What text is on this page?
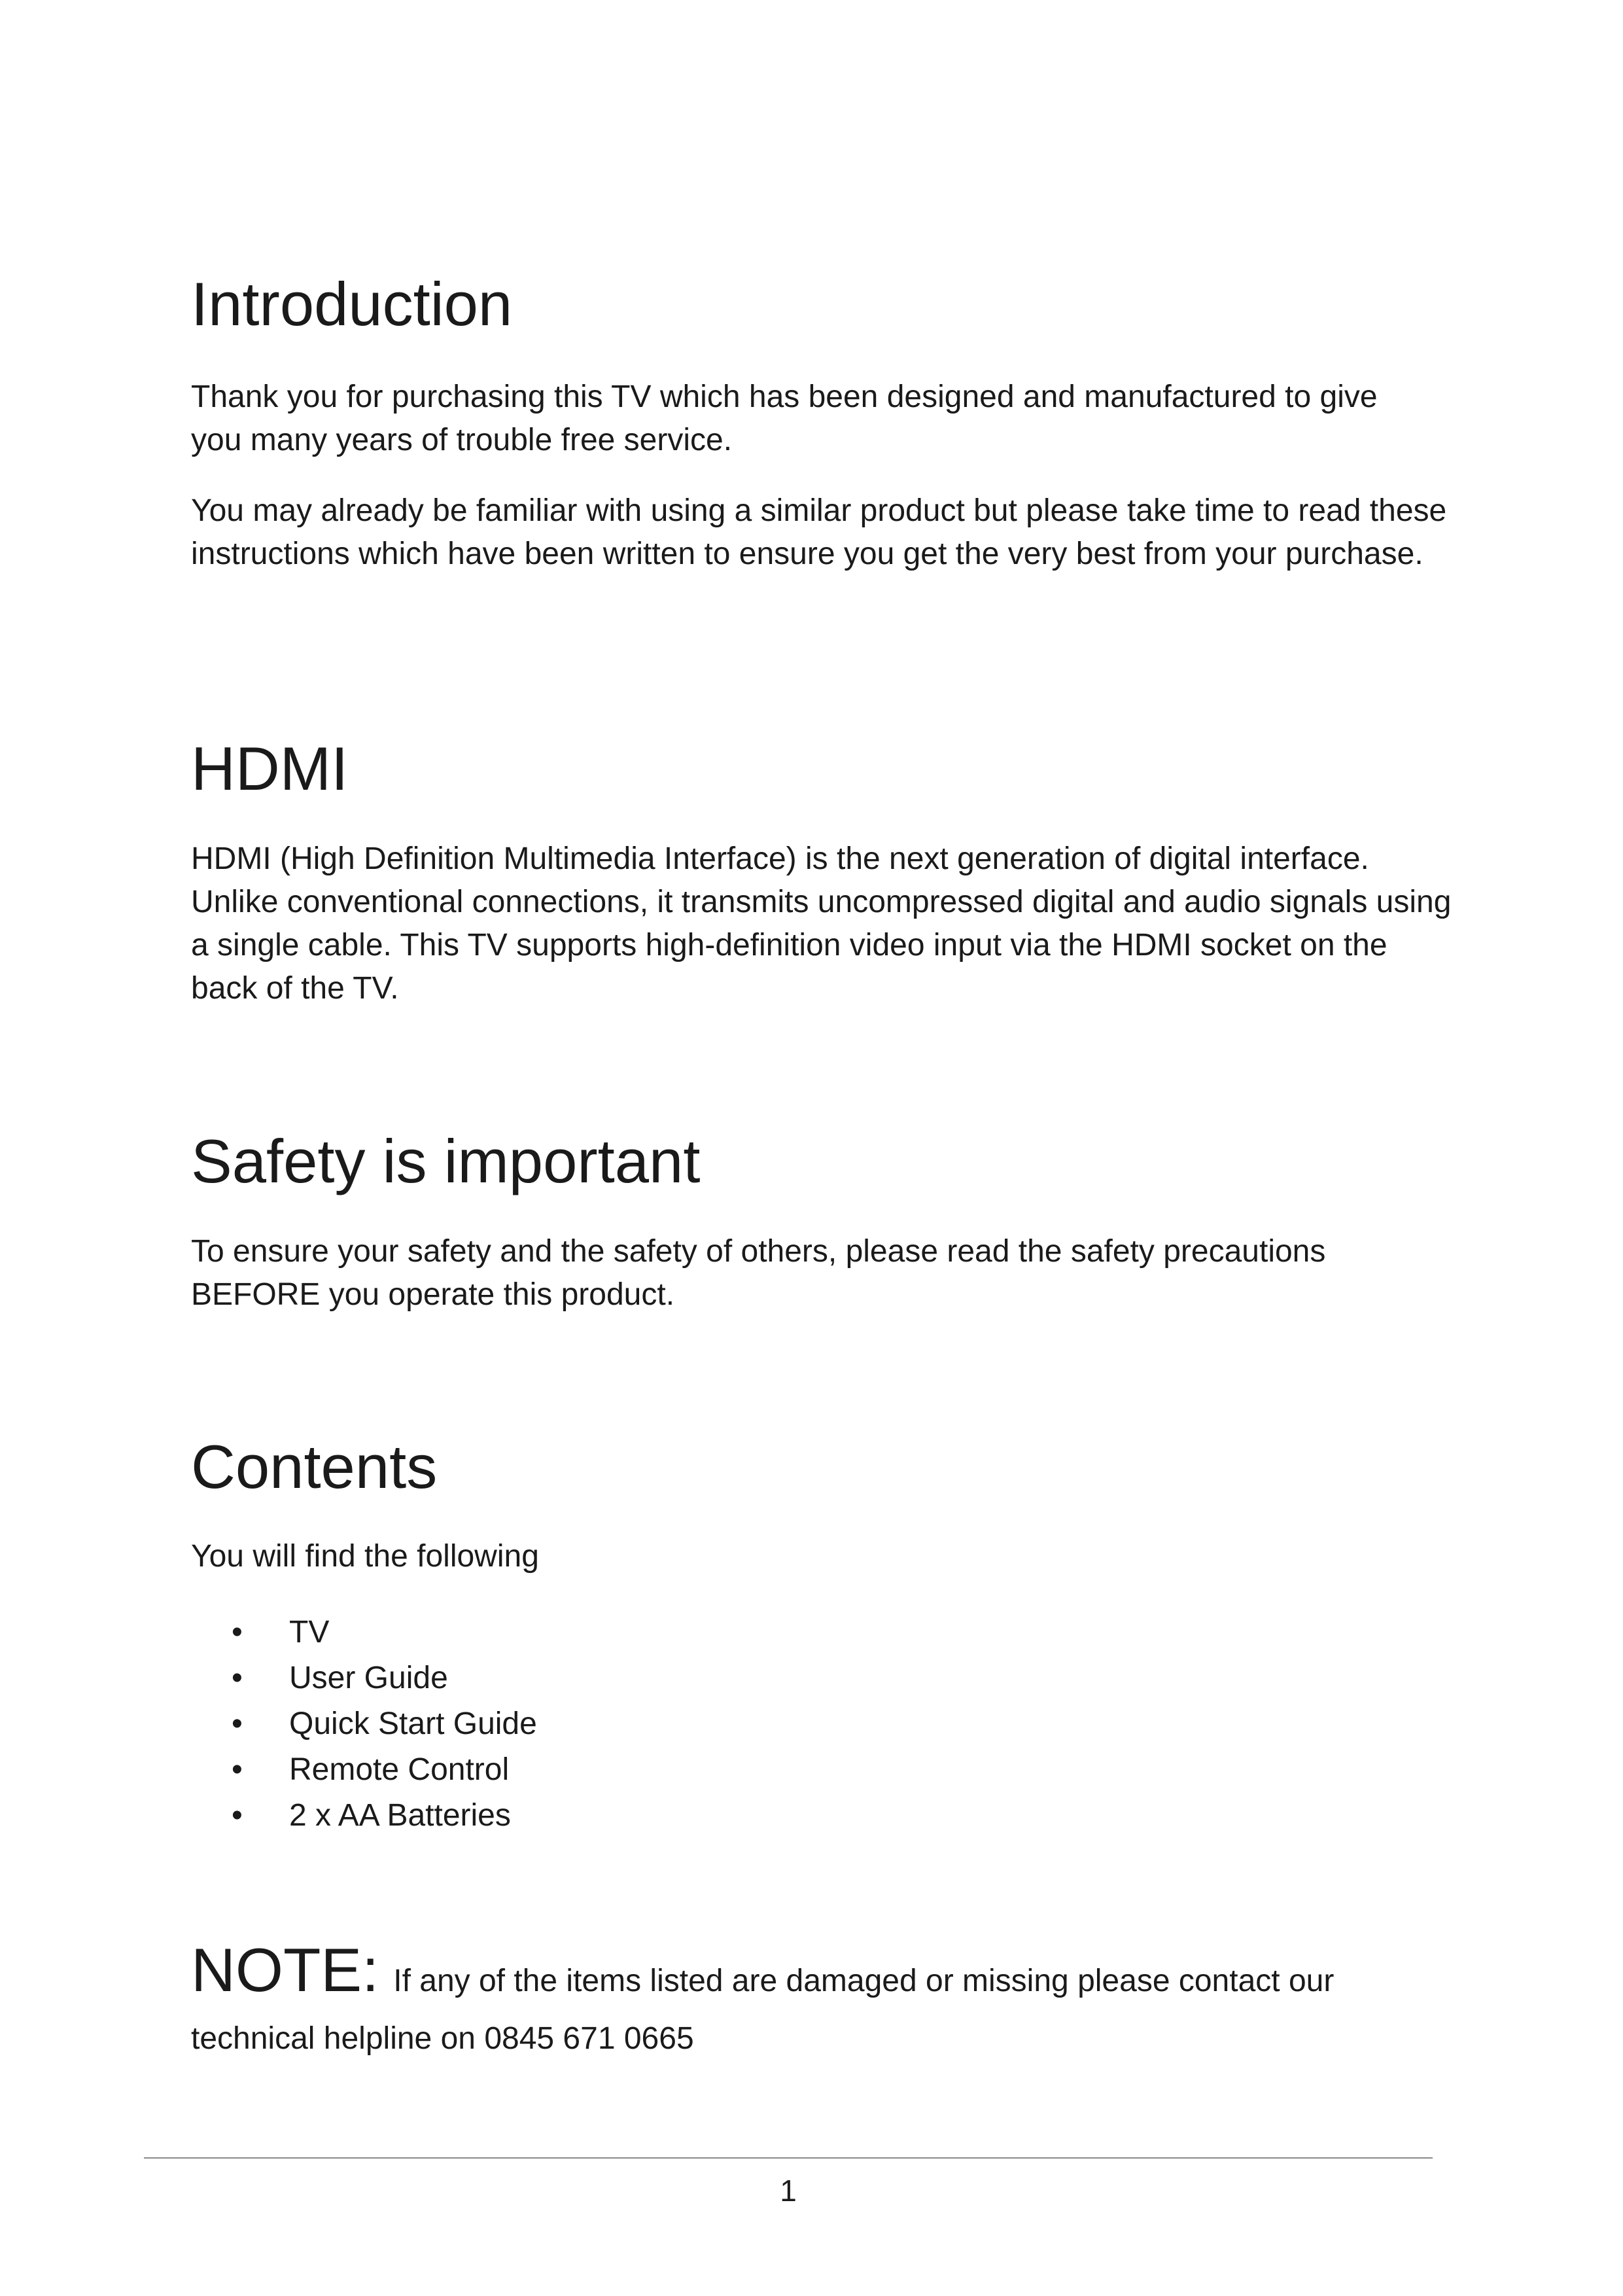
Introduction

Thank you for purchasing this TV which has been designed and manufactured to give you many years of trouble free service.

You may already be familiar with using a similar product but please take time to read these instructions which have been written to ensure you get the very best from your purchase.

HDMI

HDMI (High Definition Multimedia Interface) is the next generation of digital interface. Unlike conventional connections, it transmits uncompressed digital and audio signals using a single cable. This TV supports high-definition video input via the HDMI socket on the back of the TV.

Safety is important

To ensure your safety and the safety of others, please read the safety precautions BEFORE you operate this product.

Contents

You will find the following

• TV
• User Guide
• Quick Start Guide
• Remote Control
• 2 x AA Batteries
NOTE: If any of the items listed are damaged or missing please contact our
technical helpline on 0845 671 0665
1
